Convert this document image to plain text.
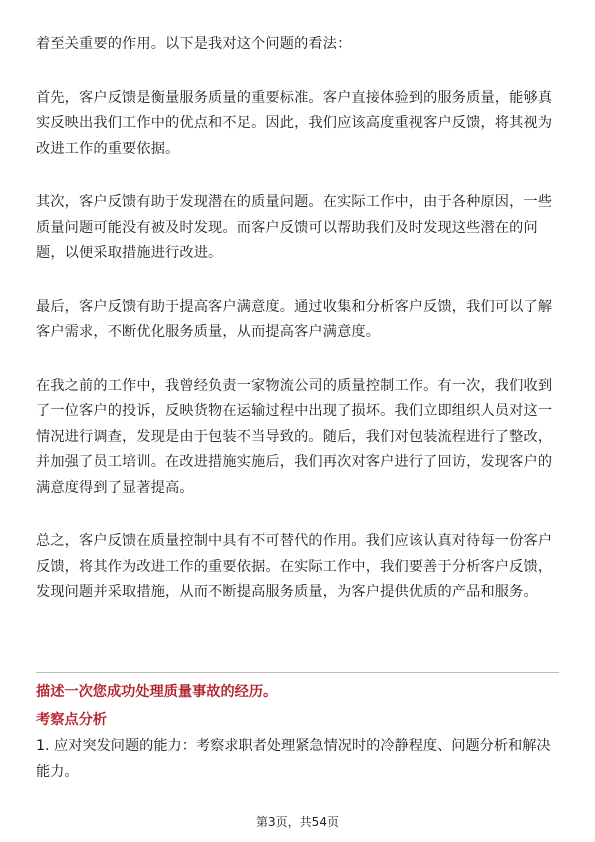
着至关重要的作用。以下是我对这个问题的看法：

首先，客户反馈是衡量服务质量的重要标准。客户直接体验到的服务质量，能够真实反映出我们工作中的优点和不足。因此，我们应该高度重视客户反馈，将其视为改进工作的重要依据。

其次，客户反馈有助于发现潜在的质量问题。在实际工作中，由于各种原因，一些质量问题可能没有被及时发现。而客户反馈可以帮助我们及时发现这些潜在的问题，以便采取措施进行改进。

最后，客户反馈有助于提高客户满意度。通过收集和分析客户反馈，我们可以了解客户需求，不断优化服务质量，从而提高客户满意度。

在我之前的工作中，我曾经负责一家物流公司的质量控制工作。有一次，我们收到了一位客户的投诉，反映货物在运输过程中出现了损坏。我们立即组织人员对这一情况进行调查，发现是由于包装不当导致的。随后，我们对包装流程进行了整改，并加强了员工培训。在改进措施实施后，我们再次对客户进行了回访，发现客户的满意度得到了显著提高。

总之，客户反馈在质量控制中具有不可替代的作用。我们应该认真对待每一份客户反馈，将其作为改进工作的重要依据。在实际工作中，我们要善于分析客户反馈，发现问题并采取措施，从而不断提高服务质量，为客户提供优质的产品和服务。

描述一次您成功处理质量事故的经历。

考察点分析

1. 应对突发问题的能力：考察求职者处理紧急情况时的冷静程度、问题分析和解决能力。

第3页，共54页
